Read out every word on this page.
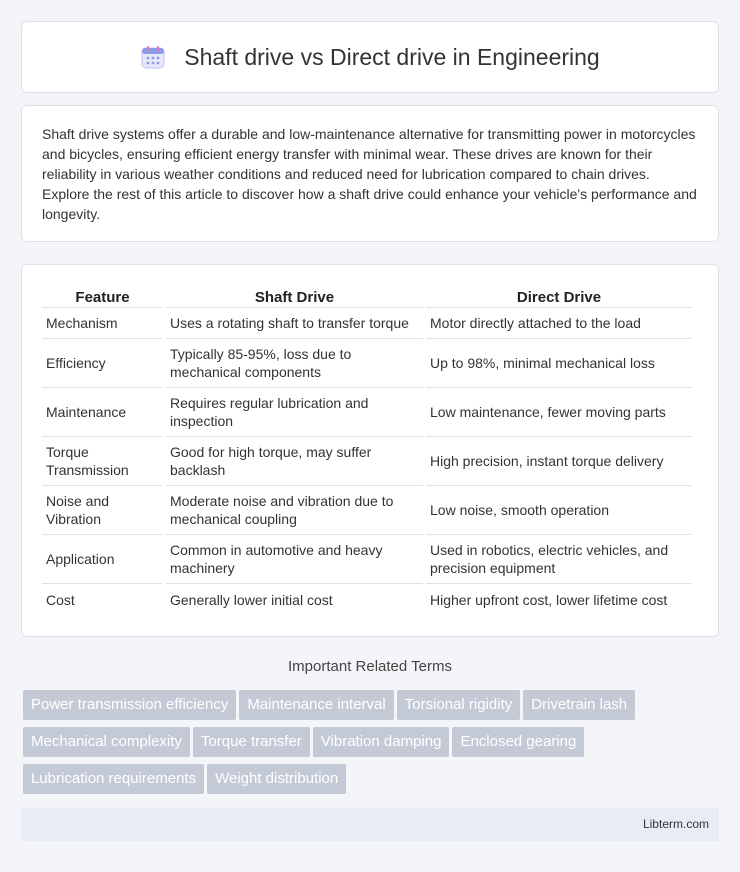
Shaft drive vs Direct drive in Engineering

Shaft drive systems offer a durable and low-maintenance alternative for transmitting power in motorcycles and bicycles, ensuring efficient energy transfer with minimal wear. These drives are known for their reliability in various weather conditions and reduced need for lubrication compared to chain drives. Explore the rest of this article to discover how a shaft drive could enhance your vehicle's performance and longevity.

Feature	Shaft Drive	Direct Drive
Mechanism	Uses a rotating shaft to transfer torque	Motor directly attached to the load
Efficiency	Typically 85-95%, loss due to mechanical components	Up to 98%, minimal mechanical loss
Maintenance	Requires regular lubrication and inspection	Low maintenance, fewer moving parts
Torque Transmission	Good for high torque, may suffer backlash	High precision, instant torque delivery
Noise and Vibration	Moderate noise and vibration due to mechanical coupling	Low noise, smooth operation
Application	Common in automotive and heavy machinery	Used in robotics, electric vehicles, and precision equipment
Cost	Generally lower initial cost	Higher upfront cost, lower lifetime cost
Important Related Terms
Power transmission efficiency Maintenance interval Torsional rigidity Drivetrain lash
Mechanical complexity Torque transfer Vibration damping Enclosed gearing
Lubrication requirements Weight distribution
Libterm.com
